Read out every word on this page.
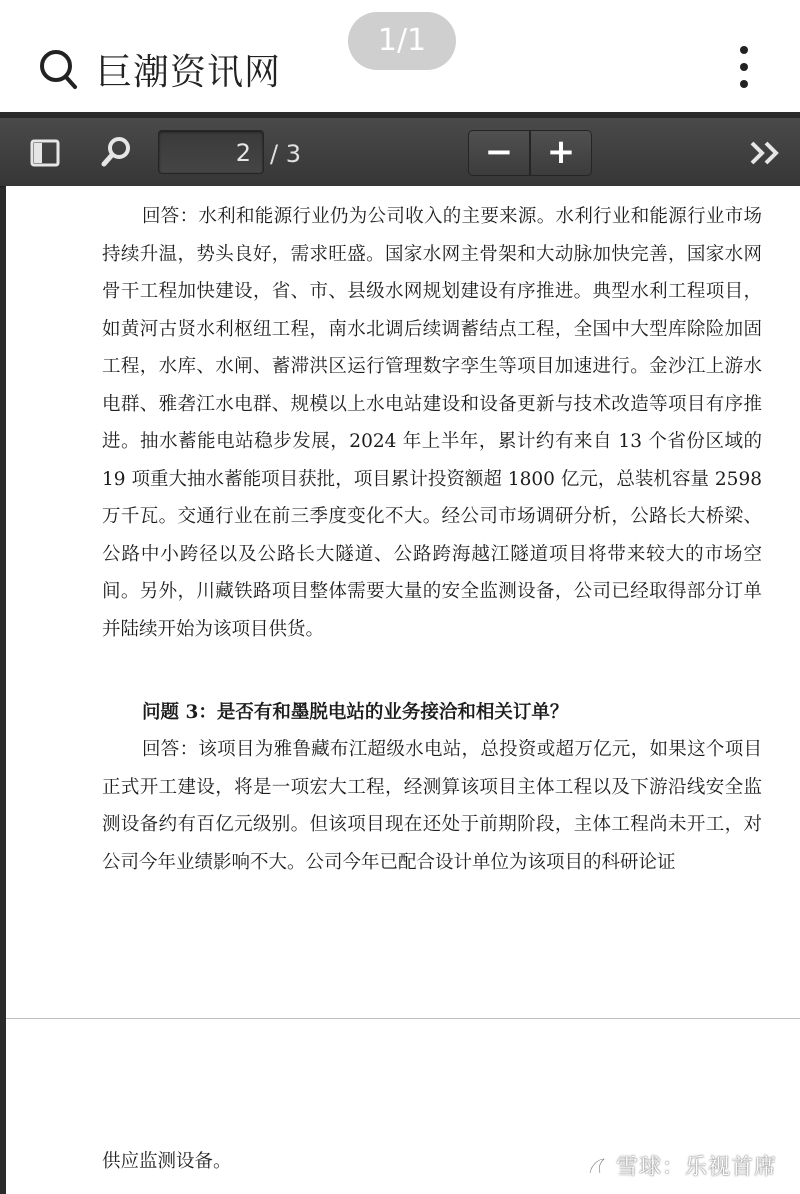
巨潮资讯网
1/1
2 / 3	− +

回答：水利和能源行业仍为公司收入的主要来源。水利行业和能源行业市场持续升温，势头良好，需求旺盛。国家水网主骨架和大动脉加快完善，国家水网骨干工程加快建设，省、市、县级水网规划建设有序推进。典型水利工程项目，如黄河古贤水利枢纽工程，南水北调后续调蓄结点工程，全国中大型库除险加固工程，水库、水闸、蓄滞洪区运行管理数字孪生等项目加速进行。金沙江上游水电群、雅砻江水电群、规模以上水电站建设和设备更新与技术改造等项目有序推进。抽水蓄能电站稳步发展，2024 年上半年，累计约有来自 13 个省份区域的 19 项重大抽水蓄能项目获批，项目累计投资额超 1800 亿元，总装机容量 2598 万千瓦。交通行业在前三季度变化不大。经公司市场调研分析，公路长大桥梁、公路中小跨径以及公路长大隧道、公路跨海越江隧道项目将带来较大的市场空间。另外，川藏铁路项目整体需要大量的安全监测设备，公司已经取得部分订单并陆续开始为该项目供货。

问题 3：是否有和墨脱电站的业务接洽和相关订单？

回答：该项目为雅鲁藏布江超级水电站，总投资或超万亿元，如果这个项目正式开工建设，将是一项宏大工程，经测算该项目主体工程以及下游沿线安全监测设备约有百亿元级别。但该项目现在还处于前期阶段，主体工程尚未开工，对公司今年业绩影响不大。公司今年已配合设计单位为该项目的科研论证

供应监测设备。	雪球：乐视首席
